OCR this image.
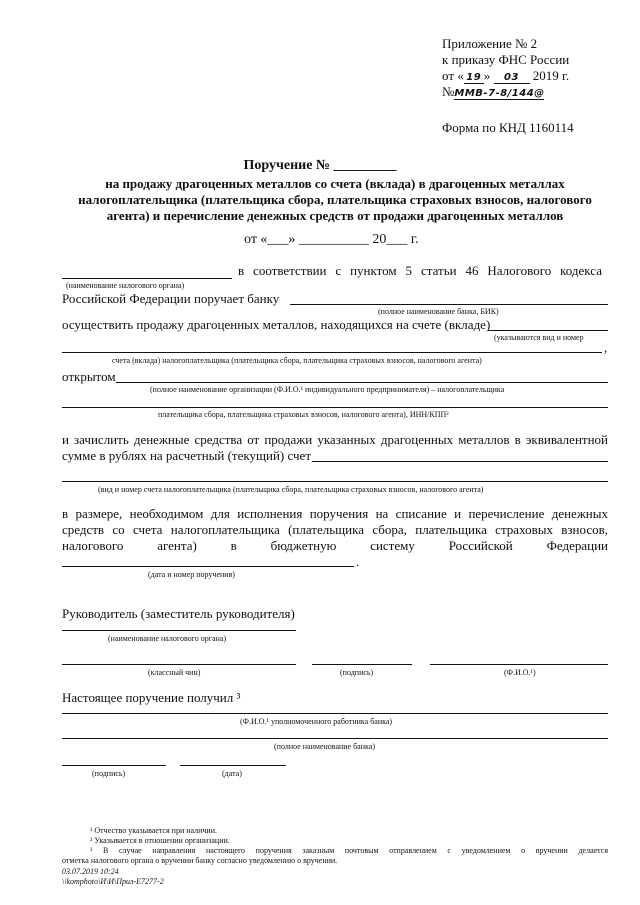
Приложение № 2
к приказу ФНС России
от « 19 » 03 2019 г.
№ММВ-7-8/144@
Форма по КНД 1160114
Поручение № _________
на продажу драгоценных металлов со счета (вклада) в драгоценных металлах
налогоплательщика (плательщика сбора, плательщика страховых взносов, налогового
агента) и перечисление денежных средств от продажи драгоценных металлов
от «___» __________ 20___ г.
в соответствии с пунктом 5 статьи 46 Налогового кодекса
(наименование налогового органа)
Российской Федерации поручает банку
(полное наименование банка, БИК)
осуществить продажу драгоценных металлов, находящихся на счете (вкладе)
(указываются вид и номер
,
счета (вклада) налогоплательщика (плательщика сбора, плательщика страховых взносов, налогового агента)
открытом
(полное наименование организации (Ф.И.О.¹ индивидуального предпринимателя) – налогоплательщика
плательщика сбора, плательщика страховых взносов, налогового агента), ИНН/КПП²
и зачислить денежные средства от продажи указанных драгоценных металлов в эквивалентной
сумме в рублях на расчетный (текущий) счет
(вид и номер счета налогоплательщика (плательщика сбора, плательщика страховых взносов, налогового агента)
в размере, необходимом для исполнения поручения на списание и перечисление денежных
средств со счета налогоплательщика (плательщика сбора, плательщика страховых взносов,
налогового агента) в бюджетную систему Российской Федерации
.
(дата и номер поручения)
Руководитель (заместитель руководителя)
(наименование налогового органа)
(классный чин)	(подпись)	(Ф.И.О.¹)
Настоящее поручение получил ³
(Ф.И.О.¹ уполномоченного работника банка)
(полное наименование банка)
(подпись)	(дата)
¹ Отчество указывается при наличии.
² Указывается в отношении организации.
³ В случае направления настоящего поручения заказным почтовым отправлением с уведомлением о вручении делается
отметка налогового органа о вручении банку согласно уведомлению о вручении.
03.07.2019 10:24
\\komphoto\И\И\Прил-Е7277-2
